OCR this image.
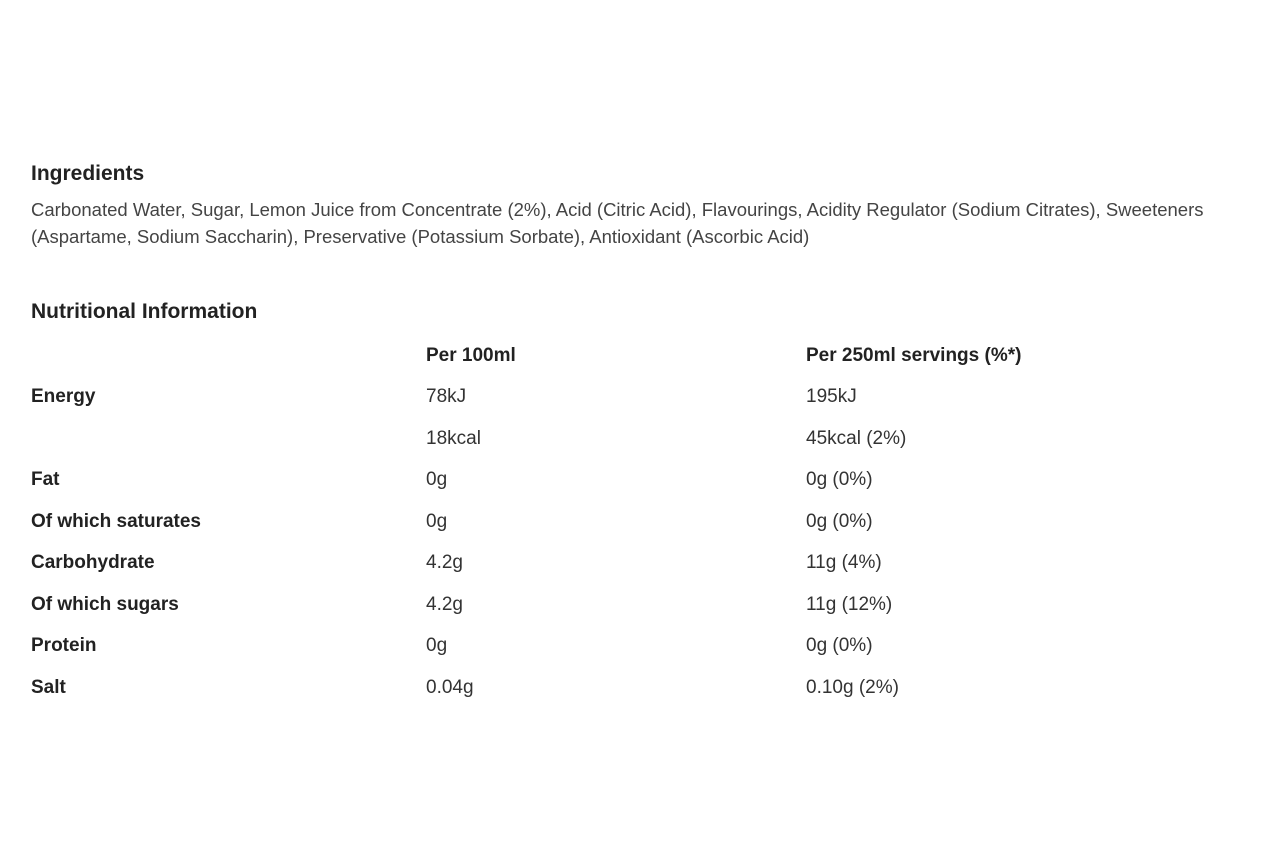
Ingredients

Carbonated Water, Sugar, Lemon Juice from Concentrate (2%), Acid (Citric Acid), Flavourings, Acidity Regulator (Sodium Citrates), Sweeteners (Aspartame, Sodium Saccharin), Preservative (Potassium Sorbate), Antioxidant (Ascorbic Acid)

Nutritional Information
	Per 100ml	Per 250ml servings (%*)
Energy	78kJ	195kJ
	18kcal	45kcal (2%)
Fat	0g	0g (0%)
Of which saturates	0g	0g (0%)
Carbohydrate	4.2g	11g (4%)
Of which sugars	4.2g	11g (12%)
Protein	0g	0g (0%)
Salt	0.04g	0.10g (2%)
